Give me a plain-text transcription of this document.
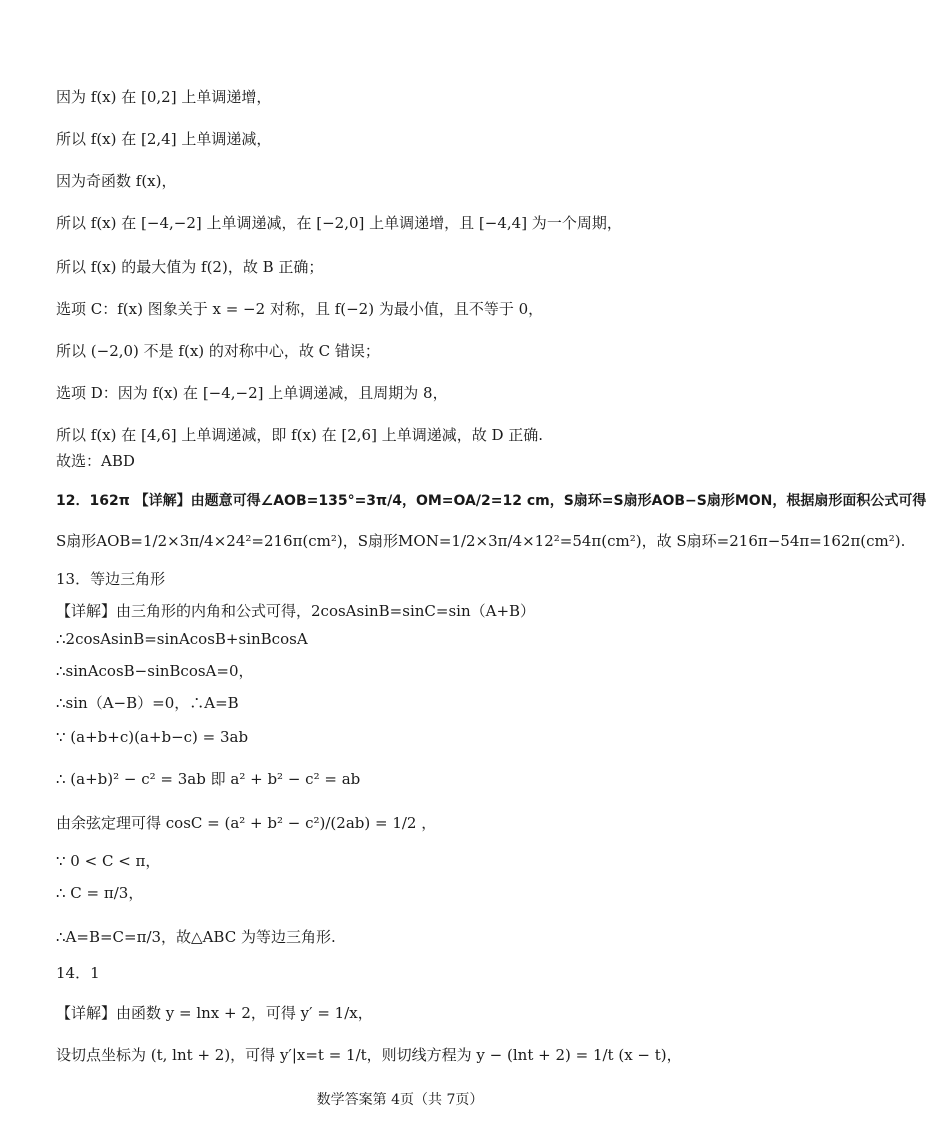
因为 f(x) 在 [0,2] 上单调递增，
所以 f(x) 在 [2,4] 上单调递减，
因为奇函数 f(x)，
所以 f(x) 在 [−4,−2] 上单调递减，在 [−2,0] 上单调递增，且 [−4,4] 为一个周期，
所以 f(x) 的最大值为 f(2)，故 B 正确；
选项 C：f(x) 图象关于 x = −2 对称，且 f(−2) 为最小值，且不等于 0，
所以 (−2,0) 不是 f(x) 的对称中心，故 C 错误；
选项 D：因为 f(x) 在 [−4,−2] 上单调递减，且周期为 8，
所以 f(x) 在 [4,6] 上单调递减，即 f(x) 在 [2,6] 上单调递减，故 D 正确.
故选：ABD
12．162π 【详解】由题意可得∠AOB=135°=3π/4，OM=OA/2=12 cm，S扇环=S扇形AOB−S扇形MON，根据扇形面积公式可得
S扇形AOB=1/2×3π/4×24²=216π(cm²)，S扇形MON=1/2×3π/4×12²=54π(cm²)，故 S扇环=216π−54π=162π(cm²).
13．等边三角形
【详解】由三角形的内角和公式可得，2cosAsinB=sinC=sin（A+B）
∴2cosAsinB=sinAcosB+sinBcosA
∴sinAcosB−sinBcosA=0，
∴sin（A−B）=0，∴A=B
∵ (a+b+c)(a+b−c) = 3ab
∴ (a+b)² − c² = 3ab 即 a² + b² − c² = ab
由余弦定理可得 cosC = (a² + b² − c²)/(2ab) = 1/2 ，
∵ 0 < C < π，
∴ C = π/3，
∴A=B=C=π/3，故△ABC 为等边三角形.
14．1
【详解】由函数 y = lnx + 2，可得 y′ = 1/x，
设切点坐标为 (t, lnt + 2)，可得 y′|x=t = 1/t，则切线方程为 y − (lnt + 2) = 1/t (x − t)，
数学答案第 4页（共 7页）
